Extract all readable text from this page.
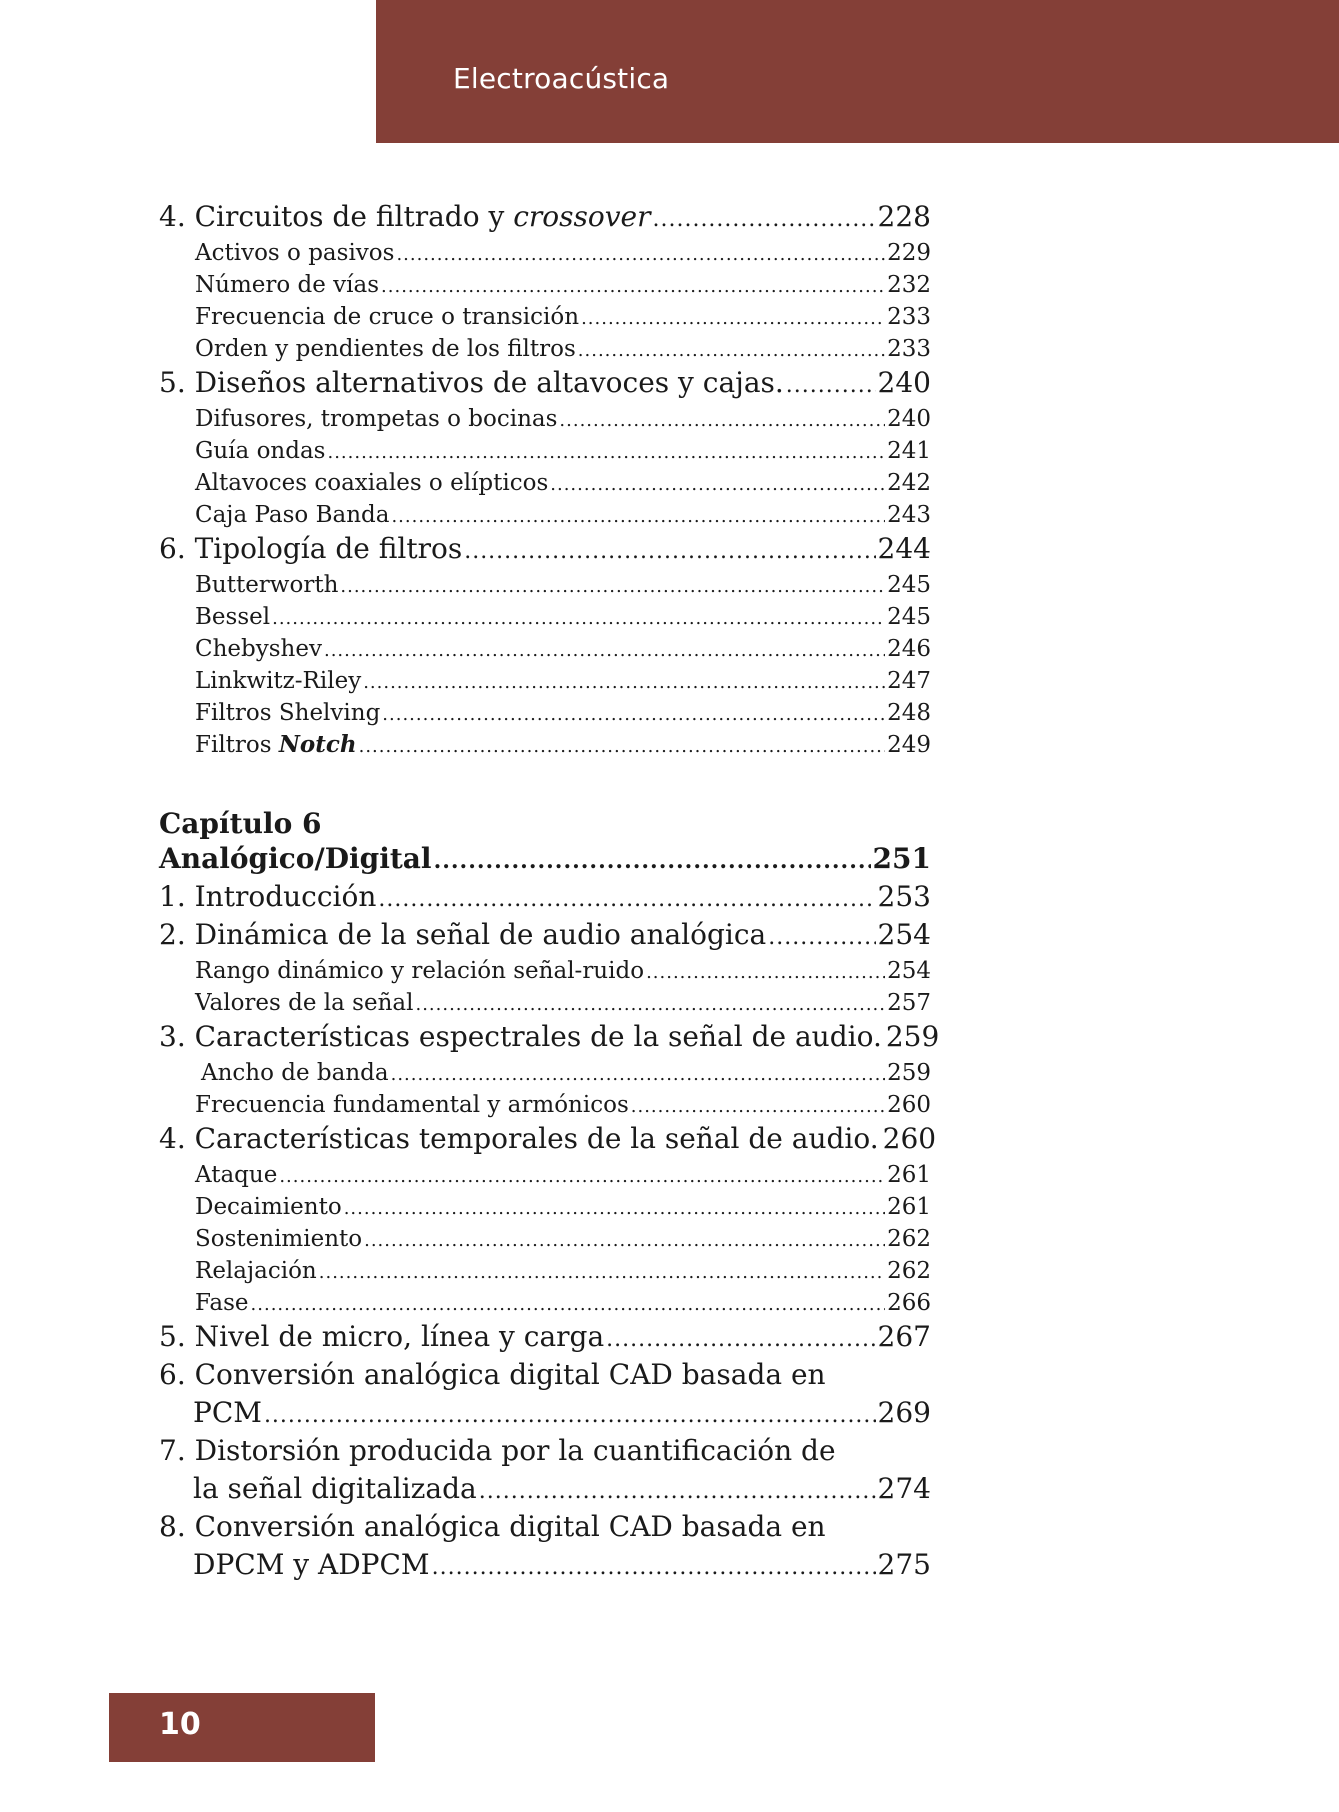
Electroacústica
4. Circuitos de filtrado y crossover .....	228
Activos o pasivos .....	229
Número de vías .....	232
Frecuencia de cruce o transición .....	233
Orden y pendientes de los filtros .....	233
5. Diseños alternativos de altavoces y cajas. .....	240
Difusores, trompetas o bocinas .....	240
Guía ondas .....	241
Altavoces coaxiales o elípticos .....	242
Caja Paso Banda .....	243
6. Tipología de filtros .....	244
Butterworth .....	245
Bessel .....	245
Chebyshev .....	246
Linkwitz-Riley .....	247
Filtros Shelving .....	248
Filtros Notch .....	249
Capítulo 6
Analógico/Digital .....	251
1. Introducción .....	253
2. Dinámica de la señal de audio analógica .....	254
Rango dinámico y relación señal-ruido .....	254
Valores de la señal .....	257
3. Características espectrales de la señal de audio. 259
Ancho de banda .....	259
Frecuencia fundamental y armónicos .....	260
4. Características temporales de la señal de audio. 260
Ataque .....	261
Decaimiento .....	261
Sostenimiento .....	262
Relajación .....	262
Fase .....	266
5. Nivel de micro, línea y carga .....	267
6. Conversión analógica digital CAD basada en
PCM .....	269
7. Distorsión producida por la cuantificación de
la señal digitalizada .....	274
8. Conversión analógica digital CAD basada en
DPCM y ADPCM .....	275
10
